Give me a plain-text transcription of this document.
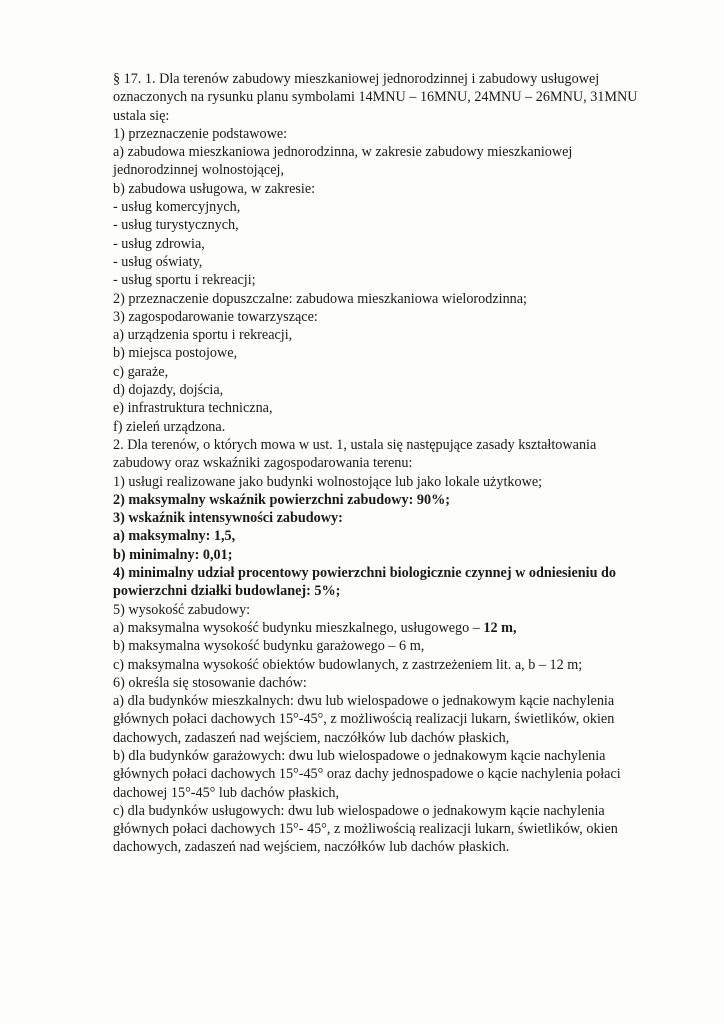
§ 17. 1. Dla terenów zabudowy mieszkaniowej jednorodzinnej i zabudowy usługowej
oznaczonych na rysunku planu symbolami 14MNU – 16MNU, 24MNU – 26MNU, 31MNU
ustala się:
1) przeznaczenie podstawowe:
a) zabudowa mieszkaniowa jednorodzinna, w zakresie zabudowy mieszkaniowej
jednorodzinnej wolnostojącej,
b) zabudowa usługowa, w zakresie:
- usług komercyjnych,
- usług turystycznych,
- usług zdrowia,
- usług oświaty,
- usług sportu i rekreacji;
2) przeznaczenie dopuszczalne: zabudowa mieszkaniowa wielorodzinna;
3) zagospodarowanie towarzyszące:
a) urządzenia sportu i rekreacji,
b) miejsca postojowe,
c) garaże,
d) dojazdy, dojścia,
e) infrastruktura techniczna,
f) zieleń urządzona.
2. Dla terenów, o których mowa w ust. 1, ustala się następujące zasady kształtowania
zabudowy oraz wskaźniki zagospodarowania terenu:
1) usługi realizowane jako budynki wolnostojące lub jako lokale użytkowe;
2) maksymalny wskaźnik powierzchni zabudowy: 90%;
3) wskaźnik intensywności zabudowy:
a) maksymalny: 1,5,
b) minimalny: 0,01;
4) minimalny udział procentowy powierzchni biologicznie czynnej w odniesieniu do
powierzchni działki budowlanej: 5%;
5) wysokość zabudowy:
a) maksymalna wysokość budynku mieszkalnego, usługowego – 12 m,
b) maksymalna wysokość budynku garażowego – 6 m,
c) maksymalna wysokość obiektów budowlanych, z zastrzeżeniem lit. a, b – 12 m;
6) określa się stosowanie dachów:
a) dla budynków mieszkalnych: dwu lub wielospadowe o jednakowym kącie nachylenia
głównych połaci dachowych 15°-45°, z możliwością realizacji lukarn, świetlików, okien
dachowych, zadaszeń nad wejściem, naczółków lub dachów płaskich,
b) dla budynków garażowych: dwu lub wielospadowe o jednakowym kącie nachylenia
głównych połaci dachowych 15°-45° oraz dachy jednospadowe o kącie nachylenia połaci
dachowej 15°-45° lub dachów płaskich,
c) dla budynków usługowych: dwu lub wielospadowe o jednakowym kącie nachylenia
głównych połaci dachowych 15°- 45°, z możliwością realizacji lukarn, świetlików, okien
dachowych, zadaszeń nad wejściem, naczółków lub dachów płaskich.
